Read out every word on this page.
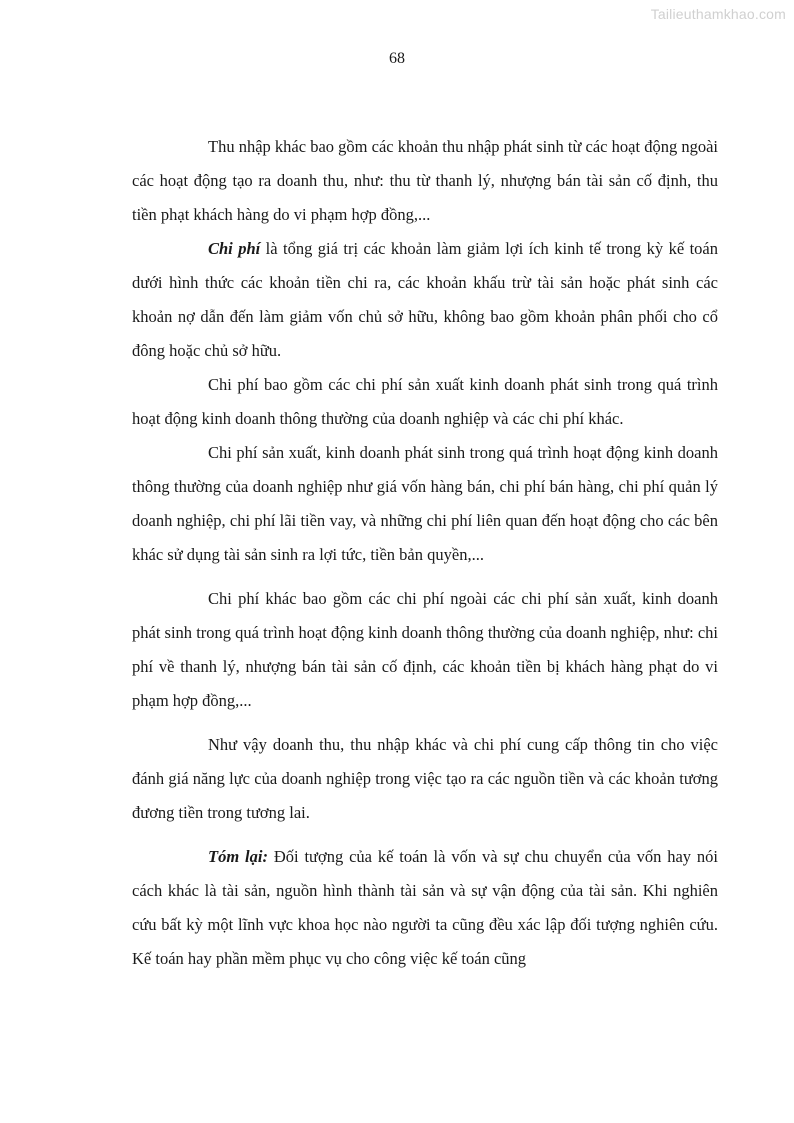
Tailieuthamkhao.com
68

Thu nhập khác bao gồm các khoản thu nhập phát sinh từ các hoạt động ngoài các hoạt động tạo ra doanh thu, như: thu từ thanh lý, nhượng bán tài sản cố định, thu tiền phạt khách hàng do vi phạm hợp đồng,...

Chi phí là tổng giá trị các khoản làm giảm lợi ích kinh tế trong kỳ kế toán dưới hình thức các khoản tiền chi ra, các khoản khấu trừ tài sản hoặc phát sinh các khoản nợ dẫn đến làm giảm vốn chủ sở hữu, không bao gồm khoản phân phối cho cổ đông hoặc chủ sở hữu.

Chi phí bao gồm các chi phí sản xuất kinh doanh phát sinh trong quá trình hoạt động kinh doanh thông thường của doanh nghiệp và các chi phí khác.

Chi phí sản xuất, kinh doanh phát sinh trong quá trình hoạt động kinh doanh thông thường của doanh nghiệp như giá vốn hàng bán, chi phí bán hàng, chi phí quản lý doanh nghiệp, chi phí lãi tiền vay, và những chi phí liên quan đến hoạt động cho các bên khác sử dụng tài sản sinh ra lợi tức, tiền bản quyền,...

Chi phí khác bao gồm các chi phí ngoài các chi phí sản xuất, kinh doanh phát sinh trong quá trình hoạt động kinh doanh thông thường của doanh nghiệp, như: chi phí về thanh lý, nhượng bán tài sản cố định, các khoản tiền bị khách hàng phạt do vi phạm hợp đồng,...

Như vậy doanh thu, thu nhập khác và chi phí cung cấp thông tin cho việc đánh giá năng lực của doanh nghiệp trong việc tạo ra các nguồn tiền và các khoản tương đương tiền trong tương lai.

Tóm lại: Đối tượng của kế toán là vốn và sự chu chuyển của vốn hay nói cách khác là tài sản, nguồn hình thành tài sản và sự vận động của tài sản. Khi nghiên cứu bất kỳ một lĩnh vực khoa học nào người ta cũng đều xác lập đối tượng nghiên cứu. Kế toán hay phần mềm phục vụ cho công việc kế toán cũng
